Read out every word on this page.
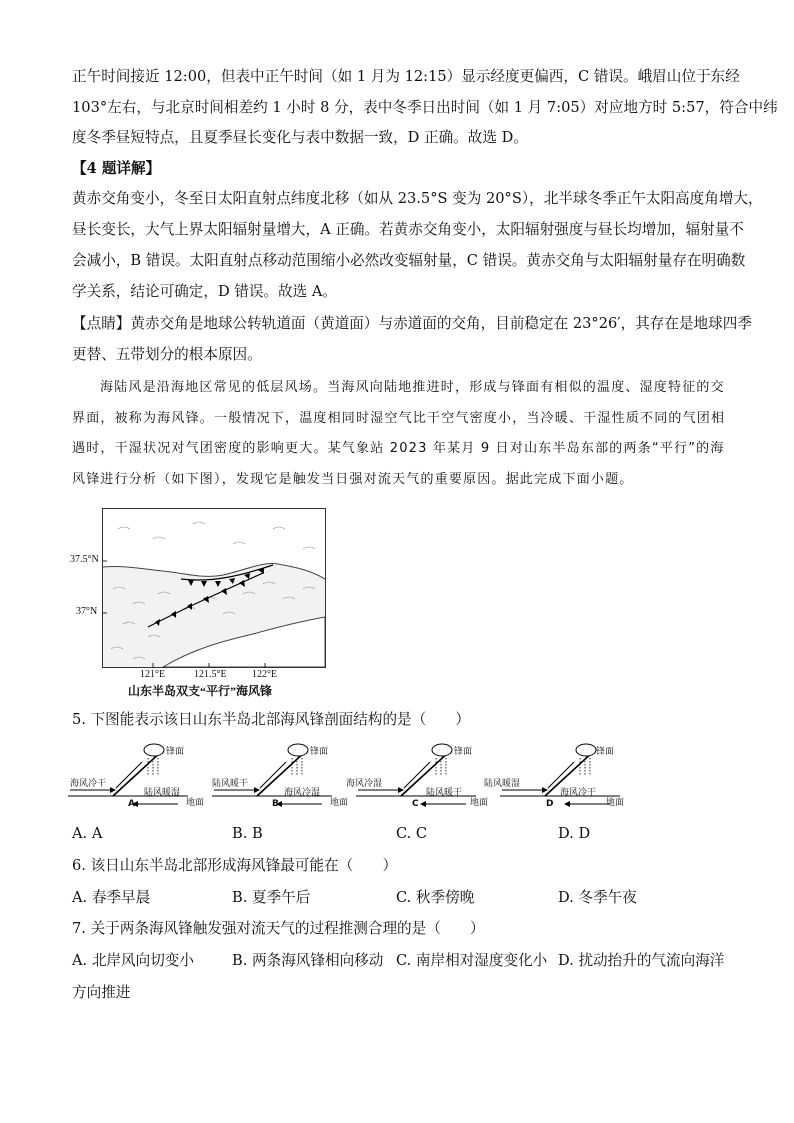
正午时间接近 12:00，但表中正午时间（如 1 月为 12:15）显示经度更偏西，C 错误。峨眉山位于东经

103°左右，与北京时间相差约 1 小时 8 分，表中冬季日出时间（如 1 月 7:05）对应地方时 5:57，符合中纬

度冬季昼短特点，且夏季昼长变化与表中数据一致，D 正确。故选 D。

【4 题详解】

黄赤交角变小，冬至日太阳直射点纬度北移（如从 23.5°S 变为 20°S），北半球冬季正午太阳高度角增大，

昼长变长，大气上界太阳辐射量增大，A 正确。若黄赤交角变小，太阳辐射强度与昼长均增加，辐射量不

会减小，B 错误。太阳直射点移动范围缩小必然改变辐射量，C 错误。黄赤交角与太阳辐射量存在明确数

学关系，结论可确定，D 错误。故选 A。

【点睛】黄赤交角是地球公转轨道面（黄道面）与赤道面的交角，目前稳定在 23°26′，其存在是地球四季

更替、五带划分的根本原因。

海陆风是沿海地区常见的低层风场。当海风向陆地推进时，形成与锋面有相似的温度、湿度特征的交

界面，被称为海风锋。一般情况下，温度相同时湿空气比干空气密度小，当冷暖、干湿性质不同的气团相

遇时，干湿状况对气团密度的影响更大。某气象站 2023 年某月 9 日对山东半岛东部的两条“平行”的海

风锋进行分析（如下图），发现它是触发当日强对流天气的重要原因。据此完成下面小题。

37.5°N
37°N
121°E	121.5°E	122°E
山东半岛双支“平行”海风锋
5. 下图能表示该日山东半岛北部海风锋剖面结构的是（　　）
锋面
海风冷干
陆风暖湿
地面
A
锋面
陆风暖干
海风冷湿
地面
B
锋面
海风冷湿
陆风暖干
地面
C
锋面
陆风暖湿
海风冷干
地面
D
A. A	B. B	C. C	D. D
6. 该日山东半岛北部形成海风锋最可能在（　　）
A. 春季早晨	B. 夏季午后	C. 秋季傍晚	D. 冬季午夜
7. 关于两条海风锋触发强对流天气的过程推测合理的是（　　）
A. 北岸风向切变小	B. 两条海风锋相向移动 C. 南岸相对湿度变化小 D. 扰动抬升的气流向海洋
方向推进
